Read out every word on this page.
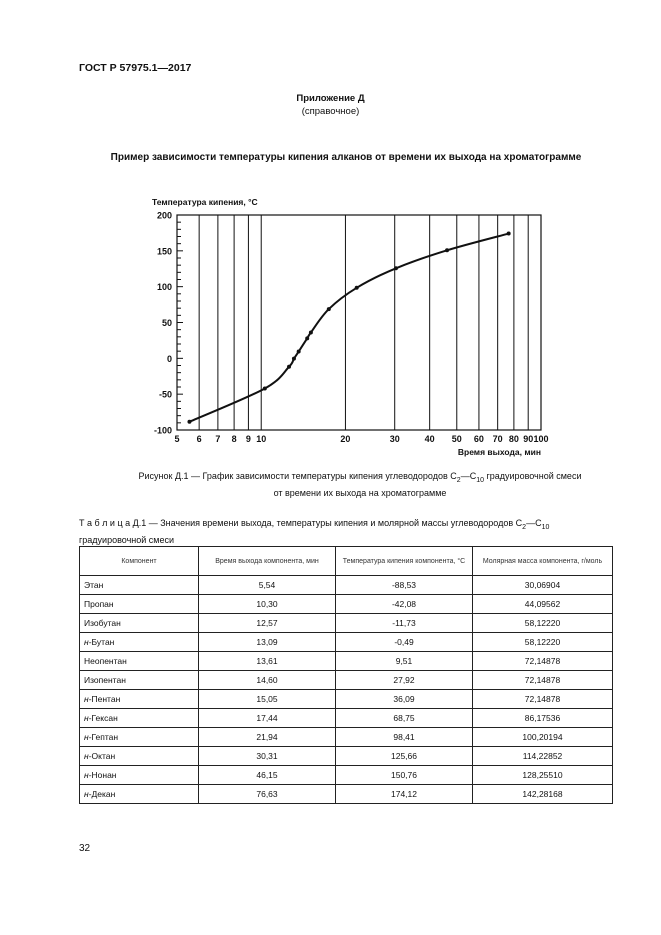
ГОСТ Р 57975.1—2017
Приложение Д
(справочное)
Пример зависимости температуры кипения алканов от времени их выхода на хроматограмме
-100
-50
0
50
100
150
200
5 6 7 8 9 10	20	30	40 50 60 70 80 90 100
Температура кипения, °С
Время выхода, мин
Рисунок Д.1 — График зависимости температуры кипения углеводородов $C_2—C_{10}$ градуировочной смеси
от времени их выхода на хроматограмме
Т а б л и ц а Д.1 — Значения времени выхода, температуры кипения и молярной массы углеводородов $C_2—C_{10}$
градуировочной смеси
Компонент	Время выхода компонента, мин	Температура кипения компонента, °С	Молярная масса компонента, г/моль
Этан	5,54	-88,53	30,06904
Пропан	10,30	-42,08	44,09562
Изобутан	12,57	-11,73	58,12220
н-Бутан	13,09	-0,49	58,12220
Неопентан	13,61	9,51	72,14878
Изопентан	14,60	27,92	72,14878
н-Пентан	15,05	36,09	72,14878
н-Гексан	17,44	68,75	86,17536
н-Гептан	21,94	98,41	100,20194
н-Октан	30,31	125,66	114,22852
н-Нонан	46,15	150,76	128,25510
н-Декан	76,63	174,12	142,28168
32
